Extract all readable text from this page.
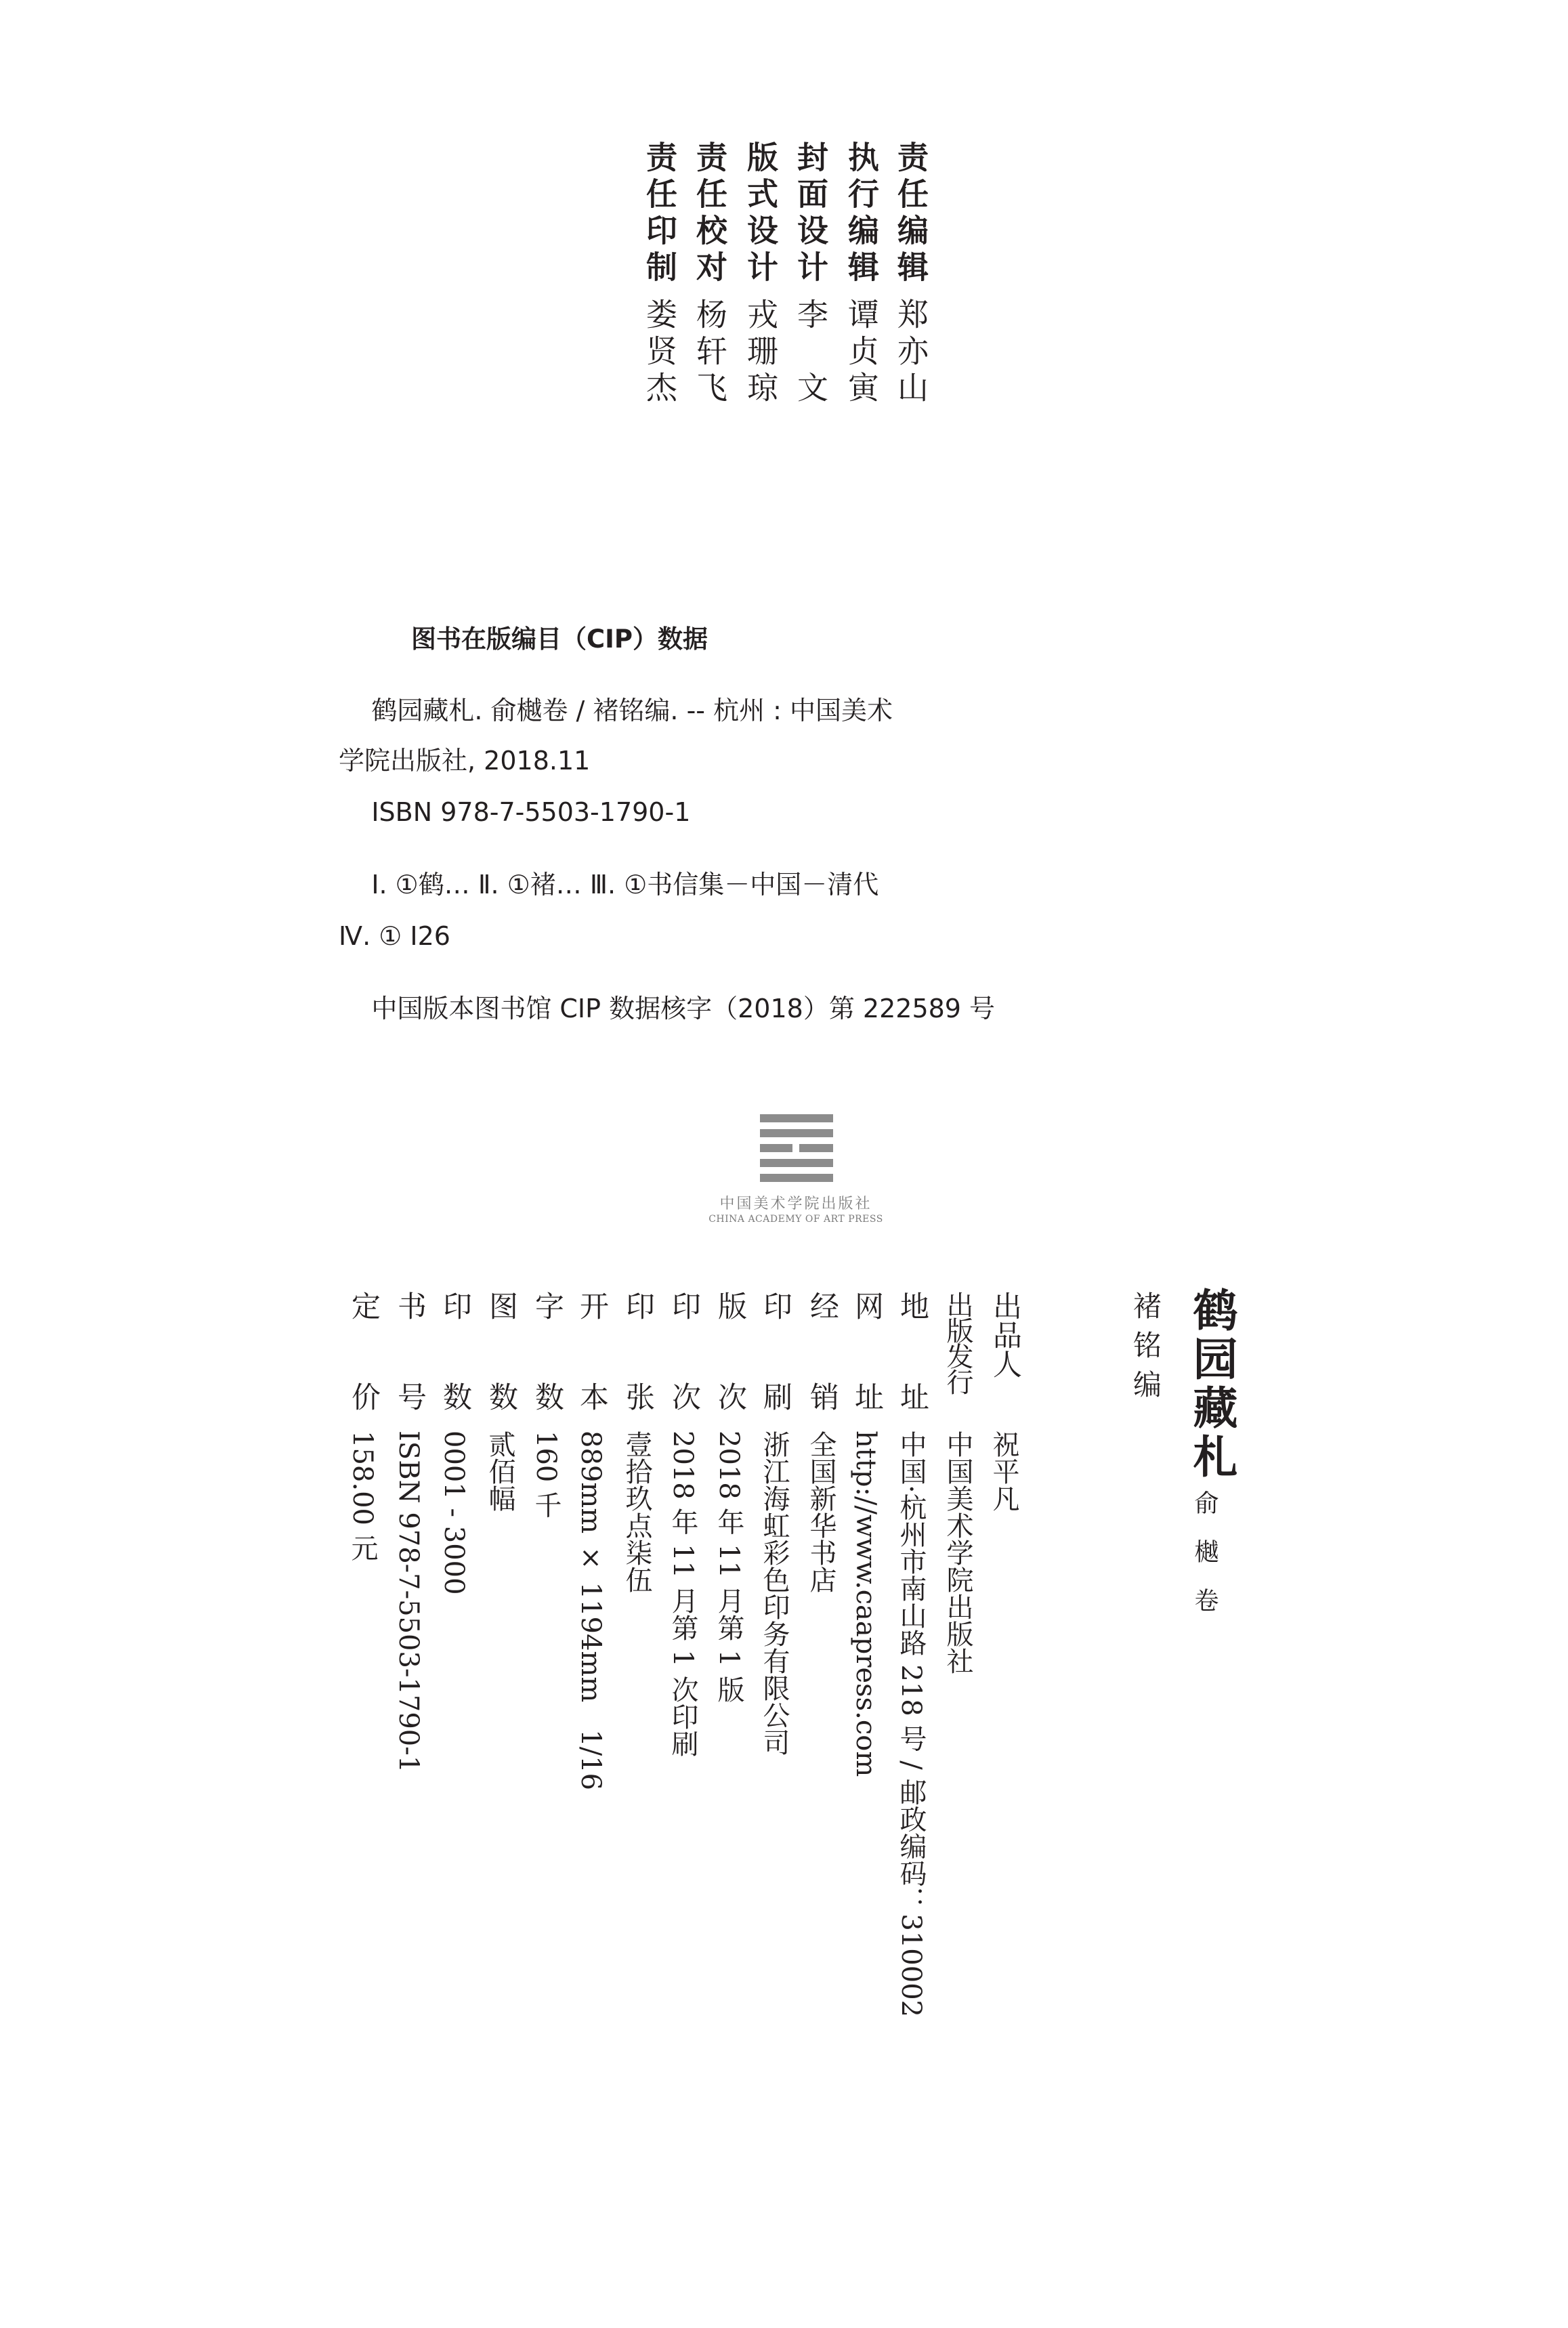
责任编辑
郑亦山
执行编辑
谭贞寅
封面设计
李　文
版式设计
戎珊琼
责任校对
杨轩飞
责任印制
娄贤杰
图书在版编目（CIP）数据
鹤园藏札. 俞樾卷 / 褚铭编. -- 杭州 : 中国美术
学院出版社, 2018.11
ISBN 978-7-5503-1790-1
Ⅰ. ①鹤… Ⅱ. ①褚… Ⅲ. ①书信集－中国－清代
Ⅳ. ① I26
中国版本图书馆 CIP 数据核字（2018）第 222589 号
中国美术学院出版社
CHINA ACADEMY OF ART PRESS
鹤园藏札
俞樾卷
褚铭编
出品人
祝平凡
出版发行
中国美术学院出版社
地　址
中国·杭州市南山路 218 号 / 邮政编码：310002
网　址
http://www.caapress.com
经　销
全国新华书店
印　刷
浙江海虹彩色印务有限公司
版　次
2018 年 11 月第 1 版
印　次
2018 年 11 月第 1 次印刷
印　张
壹拾玖点柒伍
开　本
889mm × 1194mm　1/16
字　数
160 千
图　数
贰佰幅
印　数
0001 - 3000
书　号
ISBN 978-7-5503-1790-1
定　价
158.00 元
